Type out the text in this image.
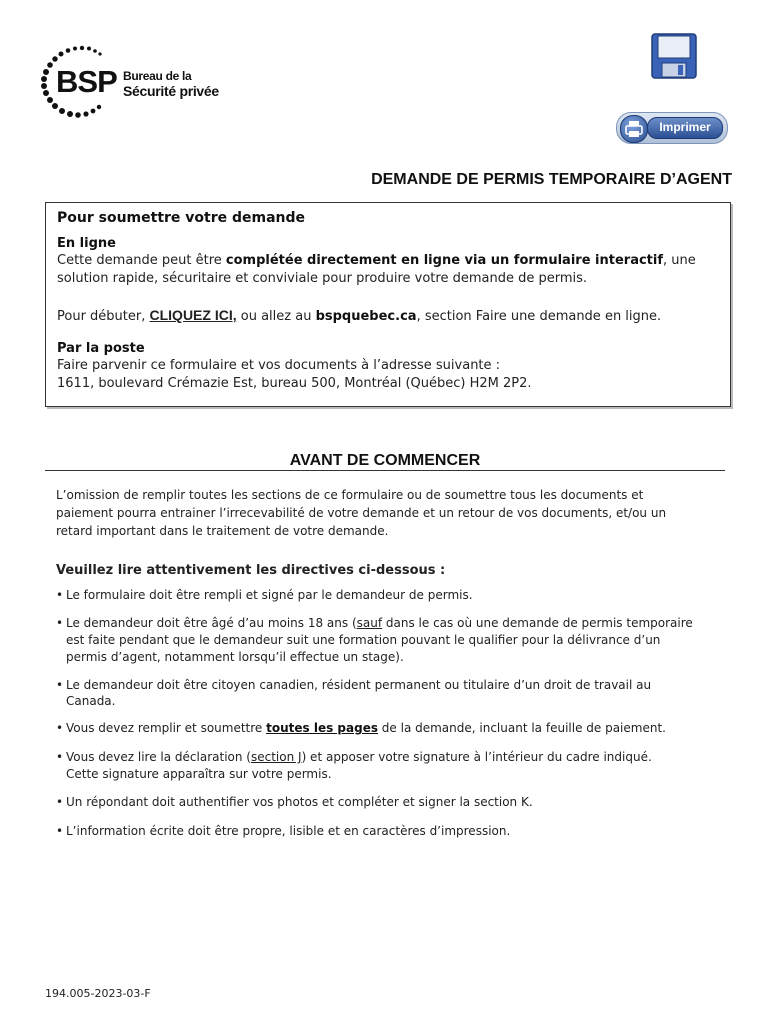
BSP Bureau de la
Sécurité privée
Imprimer
DEMANDE DE PERMIS TEMPORAIRE D’AGENT
Pour soumettre votre demande
En ligne
Cette demande peut être complétée directement en ligne via un formulaire interactif, une
solution rapide, sécuritaire et conviviale pour produire votre demande de permis.
Pour débuter, CLIQUEZ ICI, ou allez au bspquebec.ca, section Faire une demande en ligne.
Par la poste
Faire parvenir ce formulaire et vos documents à l’adresse suivante :
1611, boulevard Crémazie Est, bureau 500, Montréal (Québec) H2M 2P2.
AVANT DE COMMENCER
L’omission de remplir toutes les sections de ce formulaire ou de soumettre tous les documents et
paiement pourra entrainer l’irrecevabilité de votre demande et un retour de vos documents, et/ou un
retard important dans le traitement de votre demande.
Veuillez lire attentivement les directives ci-dessous :
• Le formulaire doit être rempli et signé par le demandeur de permis.
• Le demandeur doit être âgé d’au moins 18 ans (sauf dans le cas où une demande de permis temporaire
est faite pendant que le demandeur suit une formation pouvant le qualifier pour la délivrance d’un
permis d’agent, notamment lorsqu’il effectue un stage).
• Le demandeur doit être citoyen canadien, résident permanent ou titulaire d’un droit de travail au
Canada.
• Vous devez remplir et soumettre toutes les pages de la demande, incluant la feuille de paiement.
• Vous devez lire la déclaration (section J) et apposer votre signature à l’intérieur du cadre indiqué.
Cette signature apparaîtra sur votre permis.
• Un répondant doit authentifier vos photos et compléter et signer la section K.
• L’information écrite doit être propre, lisible et en caractères d’impression.
194.005-2023-03-F
